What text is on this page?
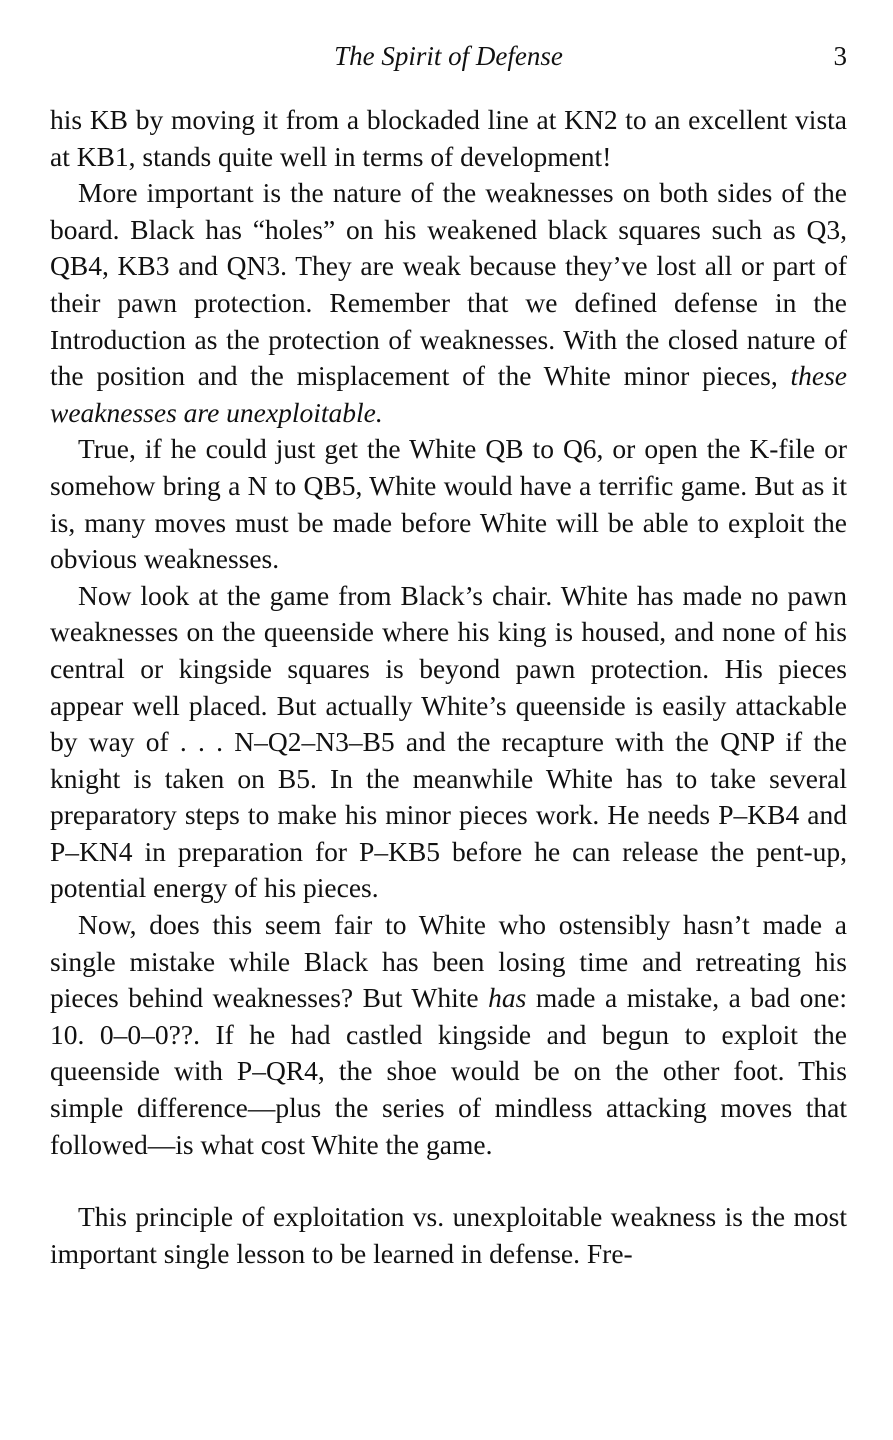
The Spirit of Defense	3

his KB by moving it from a blockaded line at KN2 to an excellent vista at KB1, stands quite well in terms of development!

More important is the nature of the weaknesses on both sides of the board. Black has “holes” on his weakened black squares such as Q3, QB4, KB3 and QN3. They are weak because they’ve lost all or part of their pawn protection. Remember that we defined defense in the Introduction as the protection of weaknesses. With the closed nature of the position and the misplacement of the White minor pieces, these weaknesses are unexploitable.

True, if he could just get the White QB to Q6, or open the K-file or somehow bring a N to QB5, White would have a terrific game. But as it is, many moves must be made before White will be able to exploit the obvious weaknesses.

Now look at the game from Black’s chair. White has made no pawn weaknesses on the queenside where his king is housed, and none of his central or kingside squares is beyond pawn protection. His pieces appear well placed. But actually White’s queenside is easily attackable by way of . . . N–Q2–N3–B5 and the recapture with the QNP if the knight is taken on B5. In the meanwhile White has to take several preparatory steps to make his minor pieces work. He needs P–KB4 and P–KN4 in preparation for P–KB5 before he can release the pent-up, potential energy of his pieces.

Now, does this seem fair to White who ostensibly hasn’t made a single mistake while Black has been losing time and retreating his pieces behind weaknesses? But White has made a mistake, a bad one: 10. 0–0–0??. If he had castled kingside and begun to exploit the queenside with P–QR4, the shoe would be on the other foot. This simple difference—plus the series of mindless attacking moves that followed—is what cost White the game.

This principle of exploitation vs. unexploitable weakness is the most important single lesson to be learned in defense. Fre-
